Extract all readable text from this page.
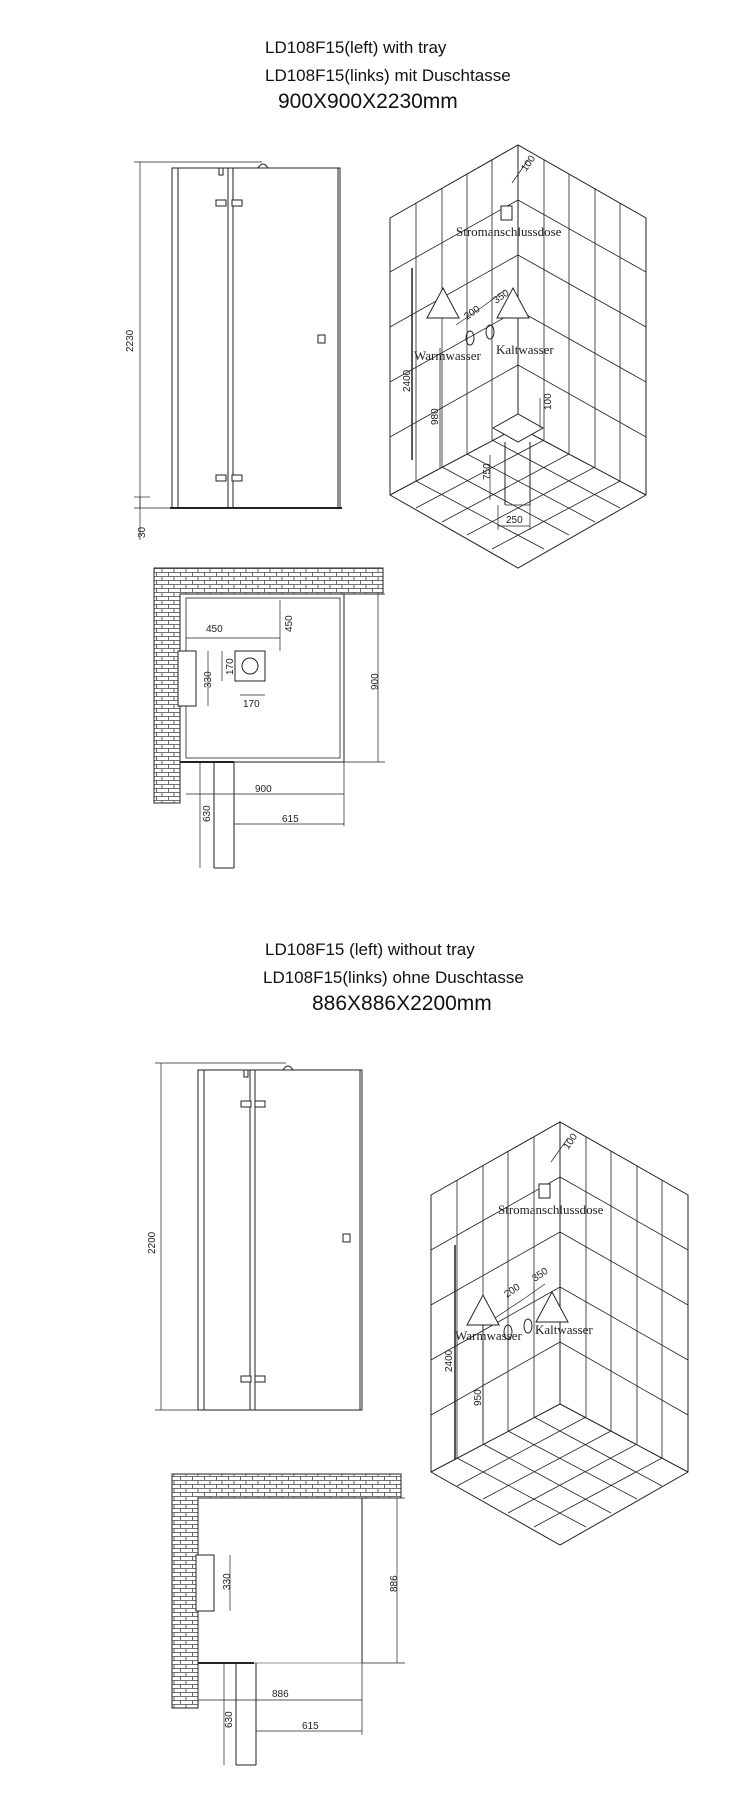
LD108F15(left) with tray
LD108F15(links) mit Duschtasse
900X900X2230mm
LD108F15 (left) without tray
LD108F15(links) ohne Duschtasse
886X886X2200mm
2230
30
Stromanschlussdose
Warmwasser Kaltwasser
100
200
350
2400
980
100
750
250
450	450
170
170
330	900
900
630	615
2200
Stromanschlussdose
Warmwasser Kaltwasser
100
200
350
2400
950
330	886
886
630	615
